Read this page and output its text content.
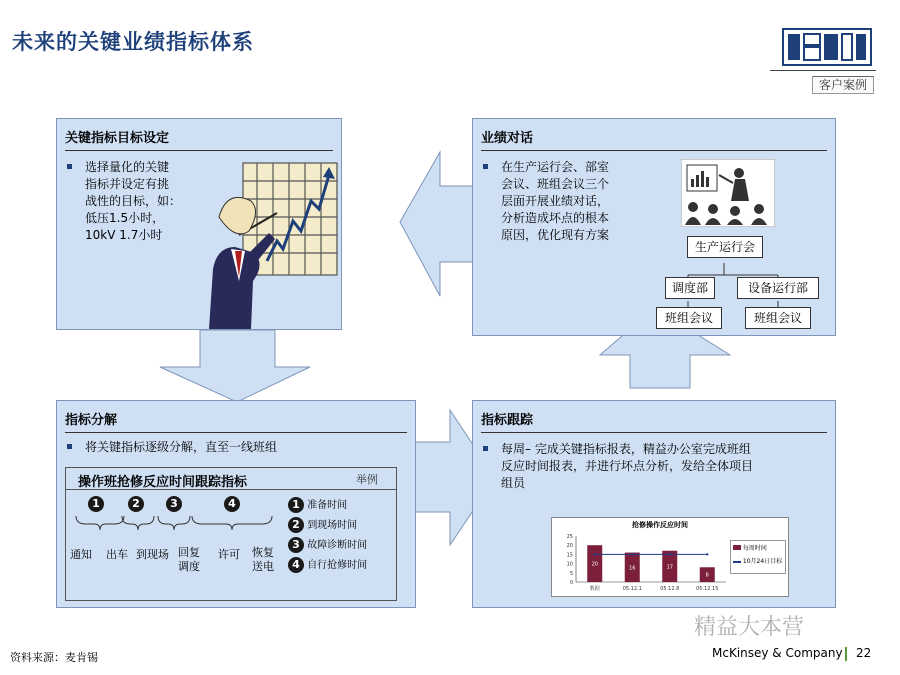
未来的关键业绩指标体系
客户案例
关键指标目标设定
选择量化的关键
指标并设定有挑
战性的目标，如：
低压1.5小时，
10kV 1.7小时
业绩对话
在生产运行会、部室
会议、班组会议三个
层面开展业绩对话，
分析造成坏点的根本
原因，优化现有方案
生产运行会
调度部	设备运行部
班组会议	班组会议
指标分解
将关键指标逐级分解，直至一线班组
操作班抢修反应时间跟踪指标	举例
1	2	3	4
通知 出车 到现场 回复
调度
许可 恢复
送电
1 准备时间
2 到现场时间
3 故障诊断时间
4 自行抢修时间
指标跟踪
每周– 完成关键指标报表，精益办公室完成班组
反应时间报表，并进行坏点分析，发给全体项目
组员
抢修操作反应时间
25
20
15
10
5
0
20
数据
16
05.12.1
17
05.12.8
8
05.12.15
每周时间
10月24日目标
资料来源：麦肯锡
精益大本营
McKinsey & Company 22
